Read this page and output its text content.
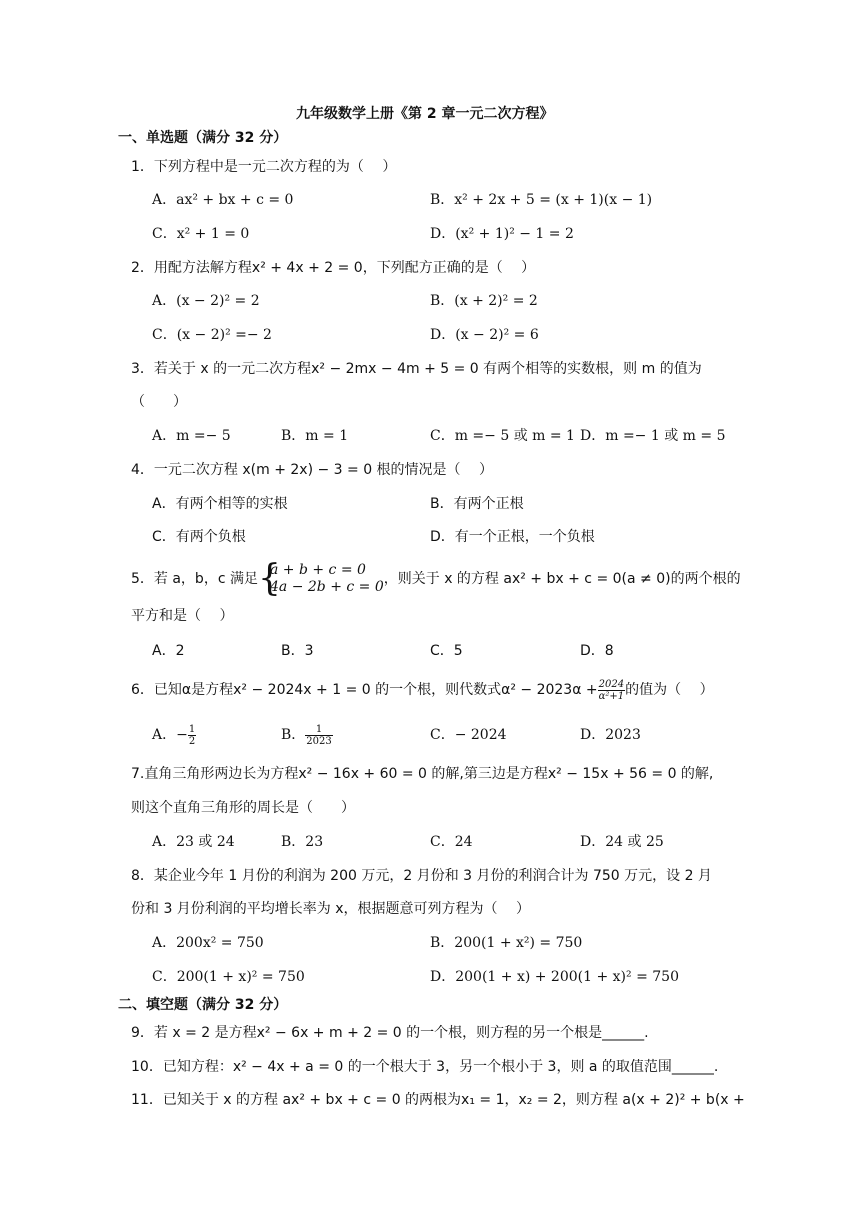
九年级数学上册《第 2 章一元二次方程》
一、单选题（满分 32 分）
1．下列方程中是一元二次方程的为（　 ）
A．ax² + bx + c = 0	B．x² + 2x + 5 = (x + 1)(x − 1)
C．x² + 1 = 0	D．(x² + 1)² − 1 = 2
2．用配方法解方程x² + 4x + 2 = 0，下列配方正确的是（　 ）
A．(x − 2)² = 2	B．(x + 2)² = 2
C．(x − 2)² =− 2	D．(x − 2)² = 6
3．若关于 x 的一元二次方程x² − 2mx − 4m + 5 = 0 有两个相等的实数根，则 m 的值为
（　　）
A．m =− 5	B．m = 1	C．m =− 5 或 m = 1 D．m =− 1 或 m = 5
4．一元二次方程 x(m + 2x) − 3 = 0 根的情况是（　 ）
A．有两个相等的实根	B．有两个正根
C．有两个负根	D．有一个正根，一个负根
5．若 a，b，c 满足 {
a + b + c = 0
4a − 2b + c = 0 ，则关于 x 的方程 ax² + bx + c = 0(a ≠ 0)的两个根的
平方和是（　 ）
A．2	B．3	C．5	D．8
6．已知α是方程x² − 2024x + 1 = 0 的一个根，则代数式$\alpha^2 - 2023\alpha + \frac{2024}{\text{α²+1}}$ 的值为（　 ）
A．− $\frac{1}{2}$	B． $\frac{1}{2023}$	C．− 2024	D．2023
7.直角三角形两边长为方程x² − 16x + 60 = 0 的解,第三边是方程x² − 15x + 56 = 0 的解,
则这个直角三角形的周长是（　　）
A．23 或 24	B．23	C．24	D．24 或 25
8．某企业今年 1 月份的利润为 200 万元，2 月份和 3 月份的利润合计为 750 万元，设 2 月
份和 3 月份利润的平均增长率为 x，根据题意可列方程为（　 ）
A．200x² = 750	B．200(1 + x²) = 750
C．200(1 + x)² = 750	D．200(1 + x) + 200(1 + x)² = 750
二、填空题（满分 32 分）
9．若 x = 2 是方程x² − 6x + m + 2 = 0 的一个根，则方程的另一个根是______.
10．已知方程：x² − 4x + a = 0 的一个根大于 3，另一个根小于 3，则 a 的取值范围______.
11．已知关于 x 的方程 ax² + bx + c = 0 的两根为x₁ = 1，x₂ = 2，则方程 a(x + 2)² + b(x +
